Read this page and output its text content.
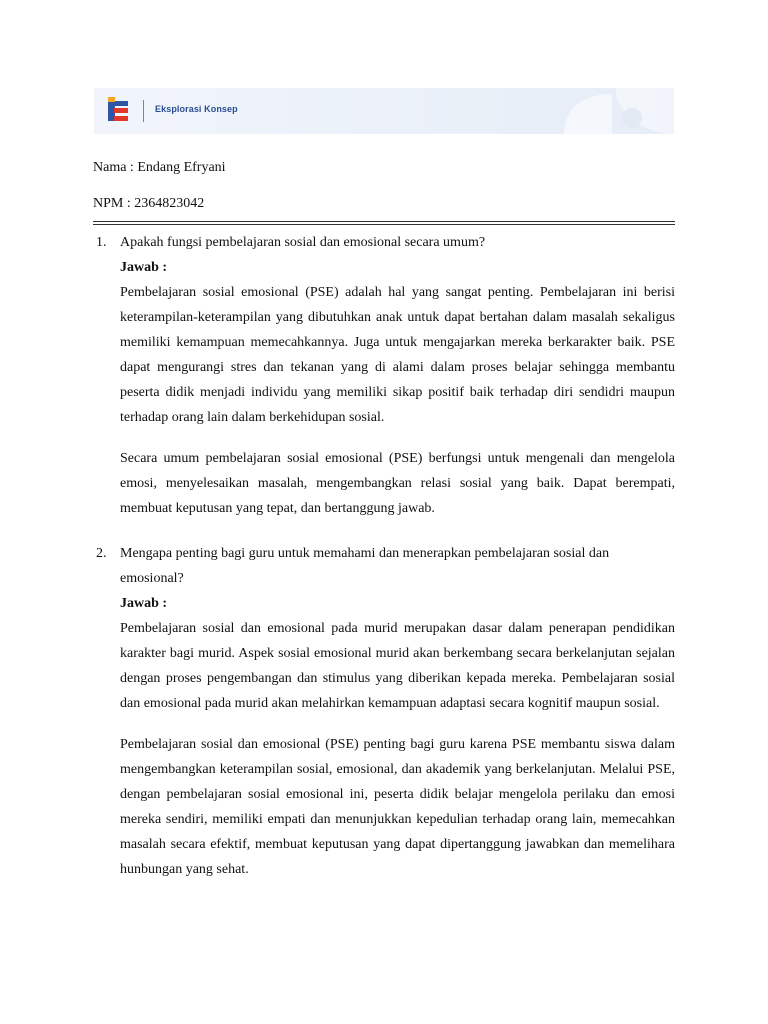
Eksplorasi Konsep
Nama : Endang Efryani
NPM : 2364823042
1. Apakah fungsi pembelajaran sosial dan emosional secara umum?

Jawab :

Pembelajaran sosial emosional (PSE) adalah hal yang sangat penting. Pembelajaran ini berisi keterampilan-keterampilan yang dibutuhkan anak untuk dapat bertahan dalam masalah sekaligus memiliki kemampuan memecahkannya. Juga untuk mengajarkan mereka berkarakter baik. PSE dapat mengurangi stres dan tekanan yang di alami dalam proses belajar sehingga membantu peserta didik menjadi individu yang memiliki sikap positif baik terhadap diri sendidri maupun terhadap orang lain dalam berkehidupan sosial.

Secara umum pembelajaran sosial emosional (PSE) berfungsi untuk mengenali dan mengelola emosi, menyelesaikan masalah, mengembangkan relasi sosial yang baik. Dapat berempati, membuat keputusan yang tepat, dan bertanggung jawab.

2. Mengapa penting bagi guru untuk memahami dan menerapkan pembelajaran sosial dan emosional?

Jawab :

Pembelajaran sosial dan emosional pada murid merupakan dasar dalam penerapan pendidikan karakter bagi murid. Aspek sosial emosional murid akan berkembang secara berkelanjutan sejalan dengan proses pengembangan dan stimulus yang diberikan kepada mereka. Pembelajaran sosial dan emosional pada murid akan melahirkan kemampuan adaptasi secara kognitif maupun sosial.

Pembelajaran sosial dan emosional (PSE) penting bagi guru karena PSE membantu siswa dalam mengembangkan keterampilan sosial, emosional, dan akademik yang berkelanjutan. Melalui PSE, dengan pembelajaran sosial emosional ini, peserta didik belajar mengelola perilaku dan emosi mereka sendiri, memiliki empati dan menunjukkan kepedulian terhadap orang lain, memecahkan masalah secara efektif, membuat keputusan yang dapat dipertanggung jawabkan dan memelihara hunbungan yang sehat.
